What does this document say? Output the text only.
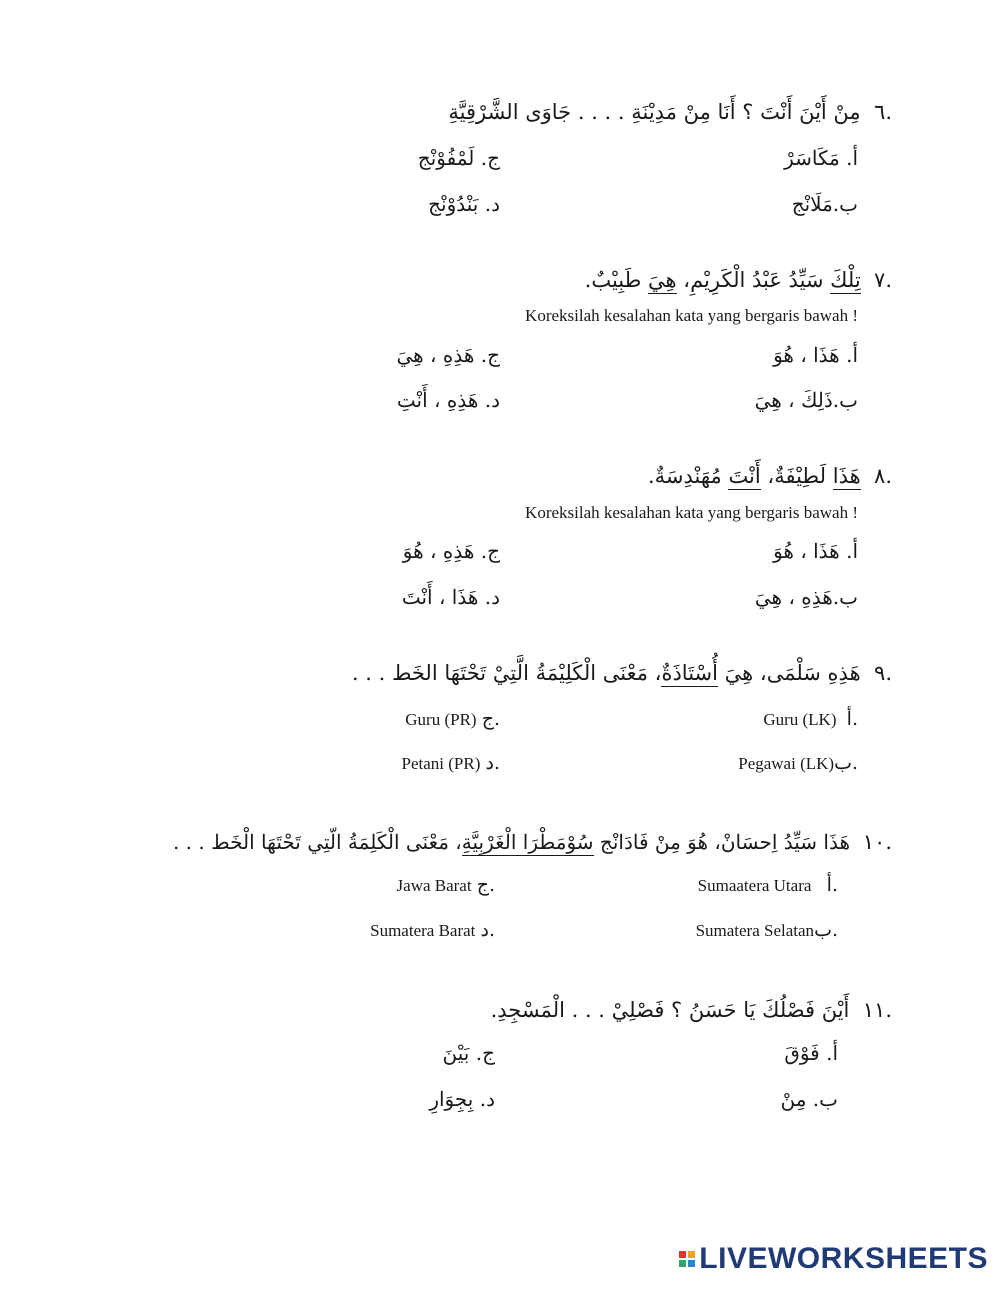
.٦  مِنْ أَيْنَ أَنْتَ ؟ أَنَا مِنْ مَدِيْنَةِ . . . . جَاوَى الشَّرْقِيَّةِ
أ. مَكَاسَرْ
ب.مَلَانْج
ج. لَمْفُوْنْج
د. بَنْدُوْنْج
.٧  تِلْكَ سَيِّدُ عَبْدُ الْكَرِيْمِ، هِيَ طَبِيْبٌ.
Koreksilah kesalahan kata yang bergaris bawah !
أ. هَذَا ، هُوَ
ب.ذَلِكَ ، هِيَ
ج. هَذِهِ ، هِيَ
د. هَذِهِ ، أَنْتِ
.٨  هَذَا لَطِيْفَةٌ، أَنْتَ مُهَنْدِسَةٌ.
Koreksilah kesalahan kata yang bergaris bawah !
أ. هَذَا ، هُوَ
ب.هَذِهِ ، هِيَ
ج. هَذِهِ ، هُوَ
د. هَذَا ، أَنْتَ
.٩  هَذِهِ سَلْمَى، هِيَ أُسْتَاذَةٌ، مَعْنَى الْكَلِيْمَةُ الَّتِيْ تَحْتَهَا الخَط . . .
Guru (LK) أ.
Pegawai (LK)ب.
Guru (PR) ج.
Petani (PR) د.
.١٠  هَذَا سَيِّدُ اِحسَانْ، هُوَ مِنْ فَادَانْج سُوْمَطْرَا الْغَرْبِيَّةِ، مَعْنَى الْكَلِمَةُ الّتِي تَحْتَهَا الْخَط . . .
Sumaatera Utara أ.
Sumatera Selatanب.
Jawa Barat ج.
Sumatera Barat د.
.١١  أَيْنَ فَصْلُكَ يَا حَسَنُ ؟ فَصْلِيْ . . . الْمَسْجِدِ.
أ. فَوْقَ
ب. مِنْ
ج. بَيْنَ
د. بِجِوَارِ
LIVEWORKSHEETS
